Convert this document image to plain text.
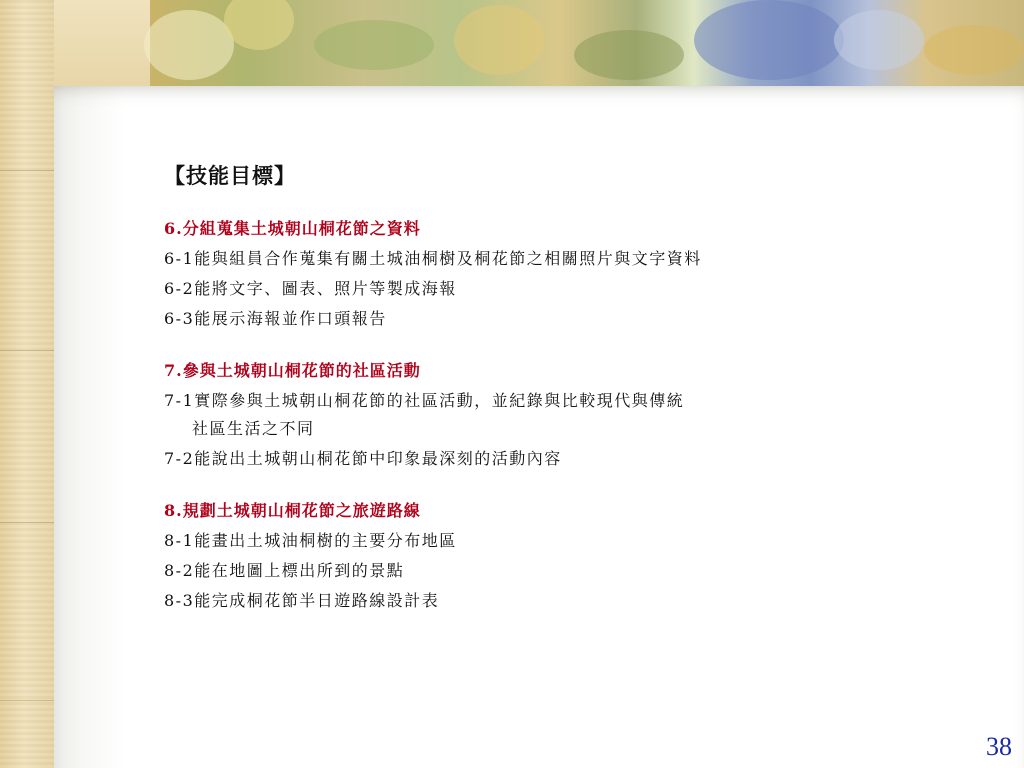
【技能目標】
6.分組蒐集土城朝山桐花節之資料
6-1能與組員合作蒐集有關土城油桐樹及桐花節之相關照片與文字資料
6-2能將文字、圖表、照片等製成海報
6-3能展示海報並作口頭報告
7.參與土城朝山桐花節的社區活動
7-1實際參與土城朝山桐花節的社區活動，並紀錄與比較現代與傳統
社區生活之不同
7-2能說出土城朝山桐花節中印象最深刻的活動內容
8.規劃土城朝山桐花節之旅遊路線
8-1能畫出土城油桐樹的主要分布地區
8-2能在地圖上標出所到的景點
8-3能完成桐花節半日遊路線設計表
38
